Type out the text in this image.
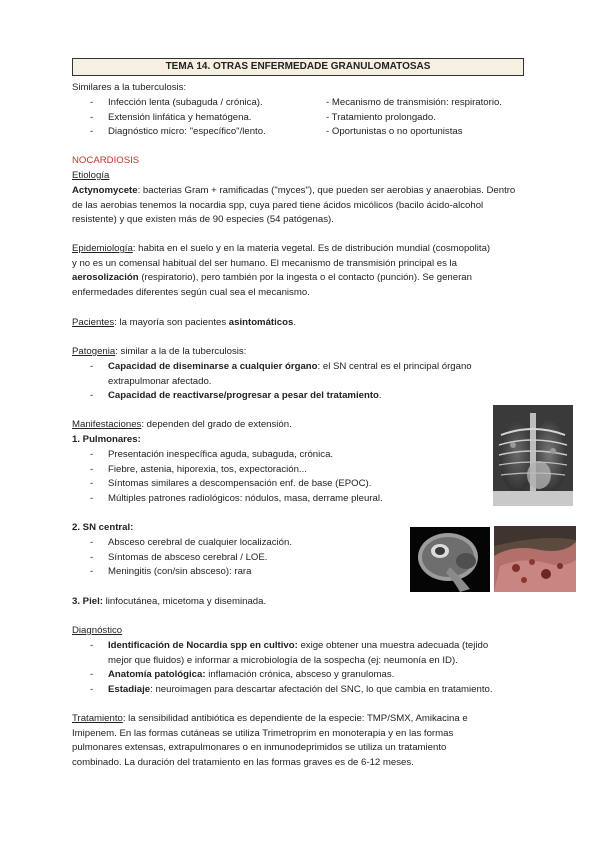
TEMA 14. OTRAS ENFERMEDADE GRANULOMATOSAS
Similares a la tuberculosis:
-	Infección lenta (subaguda / crónica).	- Mecanismo de transmisión: respiratorio.
-	Extensión linfática y hematógena.	- Tratamiento prolongado.
-	Diagnóstico micro: "específico"/lento.	- Oportunistas o no oportunistas
NOCARDIOSIS
Etiología
Actynomycete: bacterias Gram + ramificadas ("myces"), que pueden ser aerobias y anaerobias. Dentro
de las aerobias tenemos la nocardia spp, cuya pared tiene ácidos micólicos (bacilo ácido-alcohol
resistente) y que existen más de 90 especies (54 patógenas).
Epidemiología: habita en el suelo y en la materia vegetal. Es de distribución mundial (cosmopolita)
y no es un comensal habitual del ser humano. El mecanismo de transmisión principal es la
aerosolización (respiratorio), pero también por la ingesta o el contacto (punción). Se generan
enfermedades diferentes según cual sea el mecanismo.
Pacientes: la mayoría son pacientes asintomáticos.
Patogenia: similar a la de la tuberculosis:
-	Capacidad de diseminarse a cualquier órgano: el SN central es el principal órgano
extrapulmonar afectado.
-	Capacidad de reactivarse/progresar a pesar del tratamiento.
Manifestaciones: dependen del grado de extensión.
1. Pulmonares:
-	Presentación inespecífica aguda, subaguda, crónica.
-	Fiebre, astenia, hiporexia, tos, expectoración...
-	Síntomas similares a descompensación enf. de base (EPOC).
-	Múltiples patrones radiológicos: nódulos, masa, derrame pleural.
2. SN central:
-	Absceso cerebral de cualquier localización.
-	Síntomas de absceso cerebral / LOE.
-	Meningitis (con/sin absceso): rara
3. Piel: linfocutánea, micetoma y diseminada.
Diagnóstico
-	Identificación de Nocardia spp en cultivo: exige obtener una muestra adecuada (tejido
mejor que fluidos) e informar a microbiología de la sospecha (ej: neumonía en ID).
-	Anatomía patológica: inflamación crónica, absceso y granulomas.
-	Estadiaje: neuroimagen para descartar afectación del SNC, lo que cambia en tratamiento.
Tratamiento: la sensibilidad antibiótica es dependiente de la especie: TMP/SMX, Amikacina e
Imipenem. En las formas cutáneas se utiliza Trimetroprim en monoterapia y en las formas
pulmonares extensas, extrapulmonares o en inmunodeprimidos se utiliza un tratamiento
combinado. La duración del tratamiento en las formas graves es de 6-12 meses.
